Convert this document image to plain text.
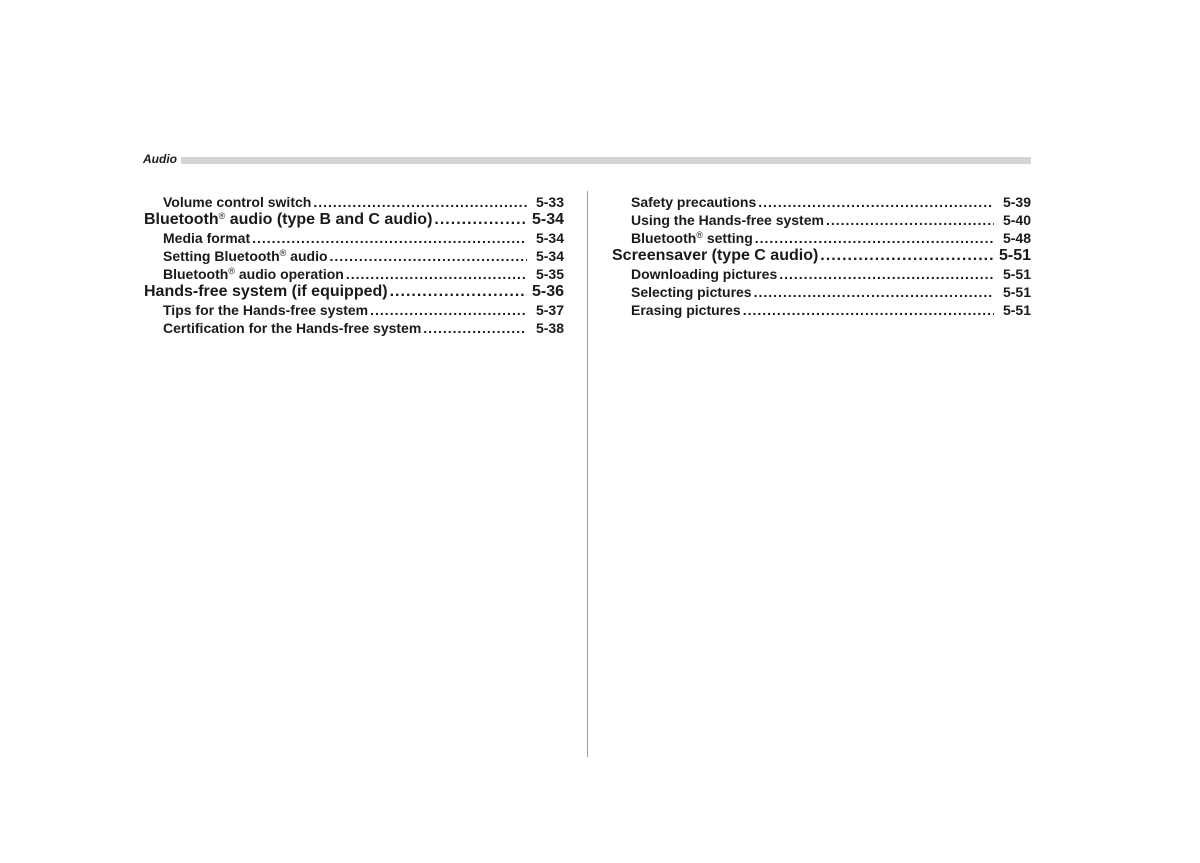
Audio
Volume control switch .....	5-33
Bluetooth® audio (type B and C audio) .....	5-34
Media format .....	5-34
Setting Bluetooth® audio .....	5-34
Bluetooth® audio operation .....	5-35
Hands-free system (if equipped) .....	5-36
Tips for the Hands-free system .....	5-37
Certification for the Hands-free system .....	5-38
Safety precautions .....	5-39
Using the Hands-free system .....	5-40
Bluetooth® setting .....	5-48
Screensaver (type C audio) .....	5-51
Downloading pictures .....	5-51
Selecting pictures .....	5-51
Erasing pictures .....	5-51
